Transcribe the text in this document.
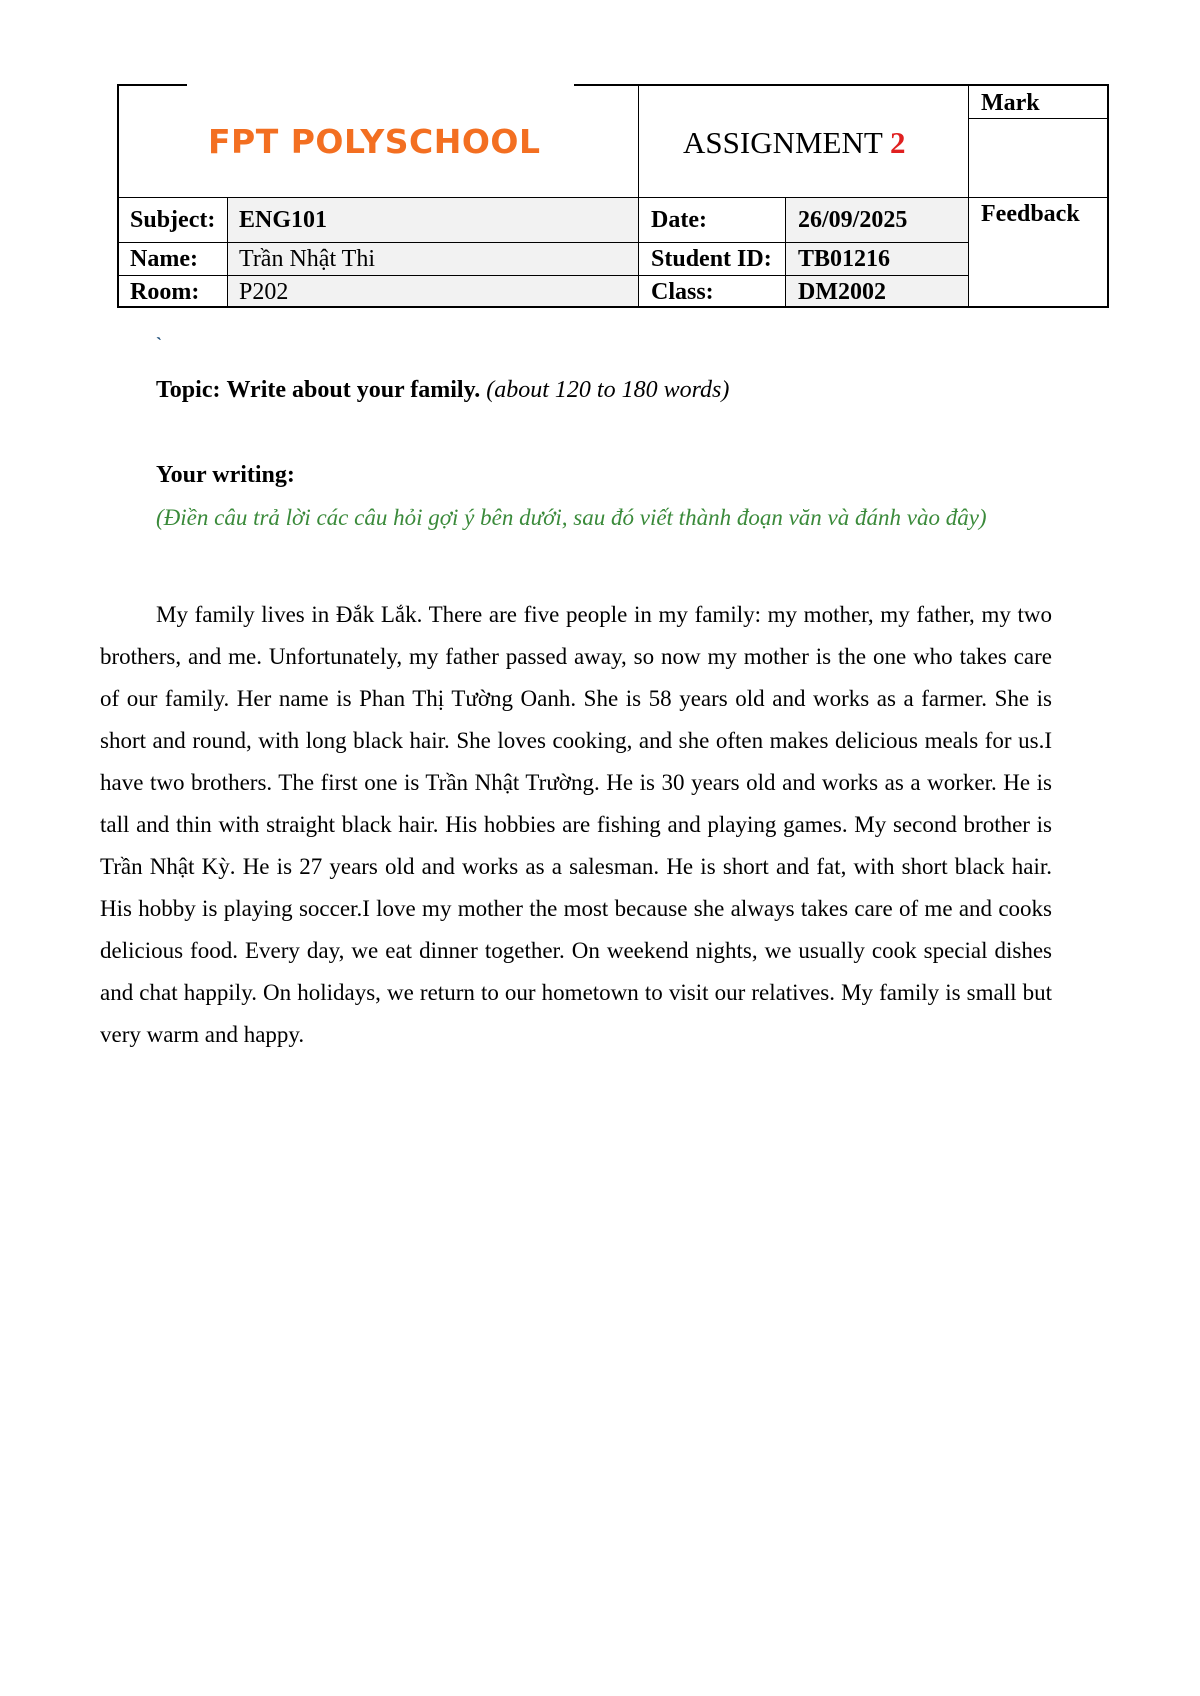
FPT POLYSCHOOL	ASSIGNMENT 2
Mark
Feedback
Subject: ENG101	Date:	26/09/2025
Name: Trần Nhật Thi	Student ID: TB01216
Room: P202	Class:	DM2002
`
Topic: Write about your family. (about 120 to 180 words)
Your writing:
(Điền câu trả lời các câu hỏi gợi ý bên dưới, sau đó viết thành đoạn văn và đánh vào đây)

My family lives in Đắk Lắk. There are five people in my family: my mother, my father, my two brothers, and me. Unfortunately, my father passed away, so now my mother is the one who takes care of our family. Her name is Phan Thị Tường Oanh. She is 58 years old and works as a farmer. She is short and round, with long black hair. She loves cooking, and she often makes delicious meals for us.I have two brothers. The first one is Trần Nhật Trường. He is 30 years old and works as a worker. He is tall and thin with straight black hair. His hobbies are fishing and playing games. My second brother is Trần Nhật Kỳ. He is 27 years old and works as a salesman. He is short and fat, with short black hair. His hobby is playing soccer.I love my mother the most because she always takes care of me and cooks delicious food. Every day, we eat dinner together. On weekend nights, we usually cook special dishes and chat happily. On holidays, we return to our hometown to visit our relatives. My family is small but very warm and happy.
